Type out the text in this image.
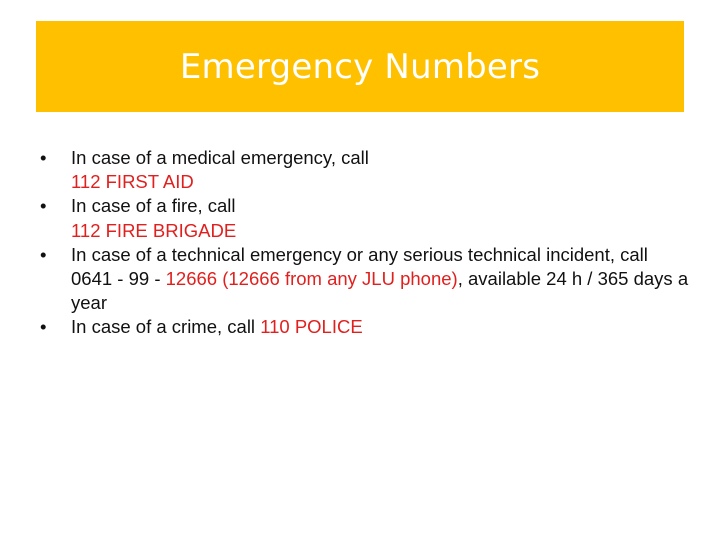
Emergency Numbers
•	In case of a medical emergency, call
112 FIRST AID
•	In case of a fire, call
112 FIRE BRIGADE
•	In case of a technical emergency or any serious technical incident, call 0641 - 99 - 12666 (12666 from any JLU phone), available 24 h / 365 days a year
•	In case of a crime, call 110 POLICE
